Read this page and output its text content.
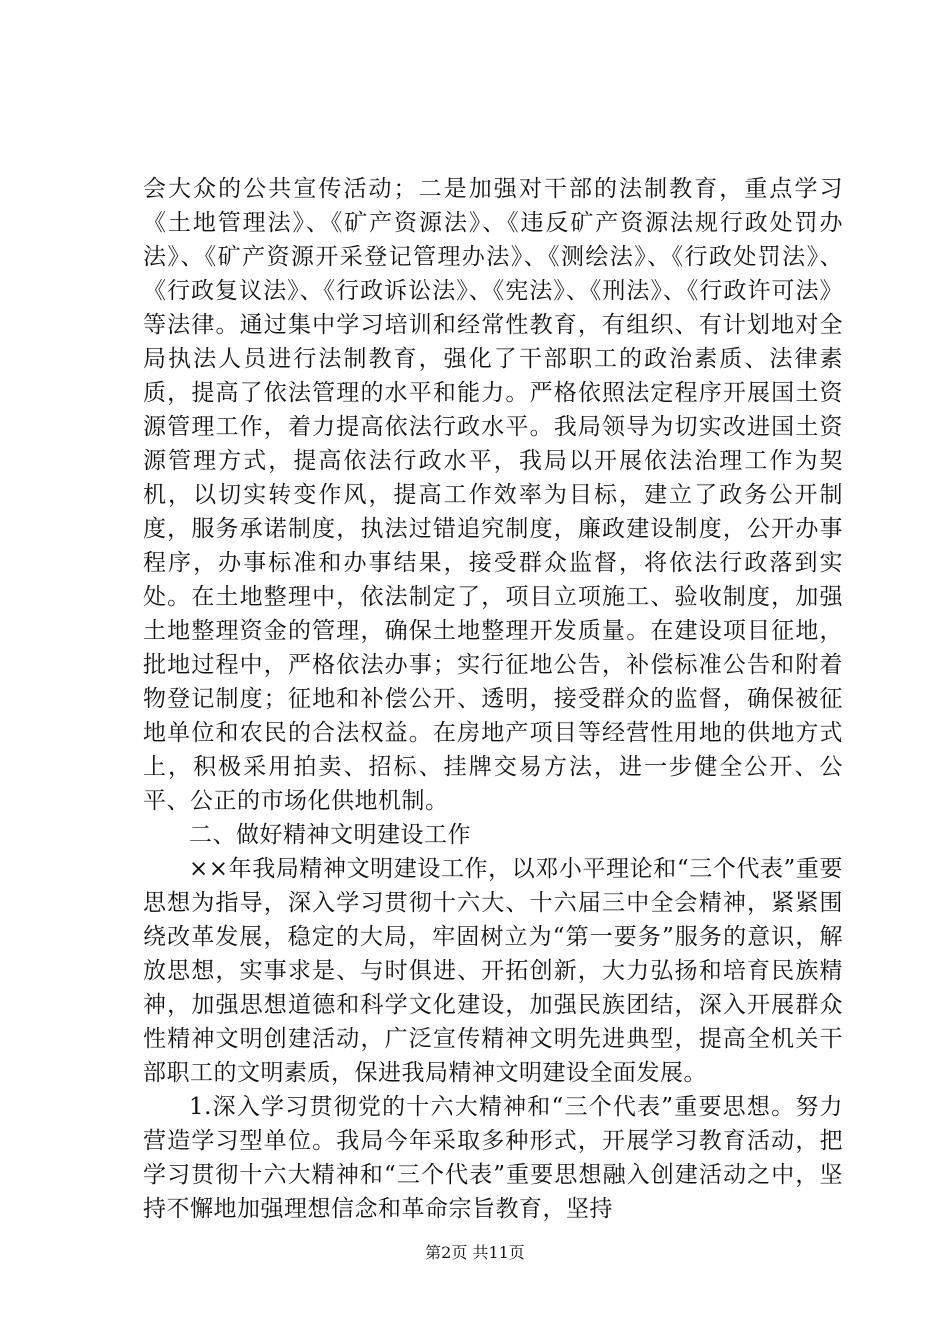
会大众的公共宣传活动；二是加强对干部的法制教育，重点学习《土地管理法》、《矿产资源法》、《违反矿产资源法规行政处罚办法》、《矿产资源开采登记管理办法》、《测绘法》、《行政处罚法》、《行政复议法》、《行政诉讼法》、《宪法》、《刑法》、《行政许可法》等法律。通过集中学习培训和经常性教育，有组织、有计划地对全局执法人员进行法制教育，强化了干部职工的政治素质、法律素质，提高了依法管理的水平和能力。严格依照法定程序开展国土资源管理工作，着力提高依法行政水平。我局领导为切实改进国土资源管理方式，提高依法行政水平，我局以开展依法治理工作为契机，以切实转变作风，提高工作效率为目标，建立了政务公开制度，服务承诺制度，执法过错追究制度，廉政建设制度，公开办事程序，办事标准和办事结果，接受群众监督，将依法行政落到实处。在土地整理中，依法制定了，项目立项施工、验收制度，加强土地整理资金的管理，确保土地整理开发质量。在建设项目征地，批地过程中，严格依法办事；实行征地公告，补偿标准公告和附着物登记制度；征地和补偿公开、透明，接受群众的监督，确保被征地单位和农民的合法权益。在房地产项目等经营性用地的供地方式上，积极采用拍卖、招标、挂牌交易方法，进一步健全公开、公平、公正的市场化供地机制。

二、做好精神文明建设工作

××年我局精神文明建设工作，以邓小平理论和“三个代表”重要思想为指导，深入学习贯彻十六大、十六届三中全会精神，紧紧围绕改革发展，稳定的大局，牢固树立为“第一要务”服务的意识，解放思想，实事求是、与时俱进、开拓创新，大力弘扬和培育民族精神，加强思想道德和科学文化建设，加强民族团结，深入开展群众性精神文明创建活动，广泛宣传精神文明先进典型，提高全机关干部职工的文明素质，保进我局精神文明建设全面发展。

1.深入学习贯彻党的十六大精神和“三个代表”重要思想。努力营造学习型单位。我局今年采取多种形式，开展学习教育活动，把学习贯彻十六大精神和“三个代表”重要思想融入创建活动之中，坚持不懈地加强理想信念和革命宗旨教育，坚持

第2页 共11页
